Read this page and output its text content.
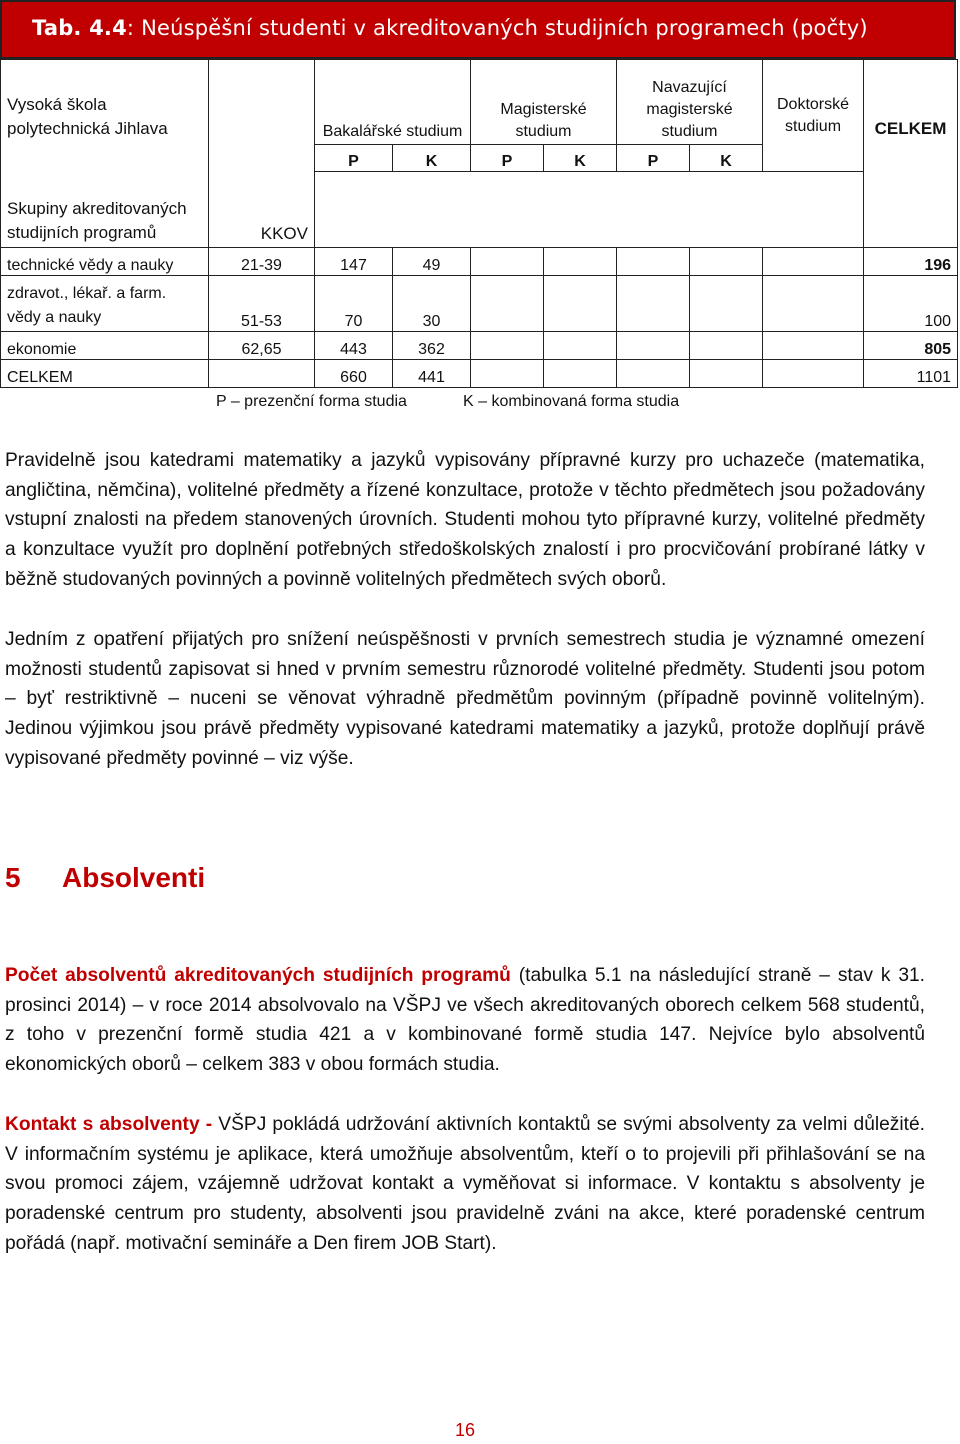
Tab. 4.4: Neúspěšní studenti v akreditovaných studijních programech (počty)
Vysoká škola polytechnická Jihlava		Bakalářské studium		Magisterské studium		Navazující magisterské studium		Doktorské studium	CELKEM
		P	K	P	K	P	K		
Skupiny akreditovaných studijních programů	KKOV								
technické vědy a nauky	21-39	147	49						196
zdravot., lékař. a farm. vědy a nauky	51-53	70	30						100
ekonomie	62,65	443	362						805
CELKEM		660	441						1101
P – prezenční forma studia	K – kombinovaná forma studia
Pravidelně jsou katedrami matematiky a jazyků vypisovány přípravné kurzy pro uchazeče (matematika, angličtina, němčina), volitelné předměty a řízené konzultace, protože v těchto předmětech jsou požadovány vstupní znalosti na předem stanovených úrovních. Studenti mohou tyto přípravné kurzy, volitelné předměty a konzultace využít pro doplnění potřebných středoškolských znalostí i pro procvičování probírané látky v běžně studovaných povinných a povinně volitelných předmětech svých oborů.
Jedním z opatření přijatých pro snížení neúspěšnosti v prvních semestrech studia je významné omezení možnosti studentů zapisovat si hned v prvním semestru různorodé volitelné předměty. Studenti jsou potom – byť restriktivně – nuceni se věnovat výhradně předmětům povinným (případně povinně volitelným). Jedinou výjimkou jsou právě předměty vypisované katedrami matematiky a jazyků, protože doplňují právě vypisované předměty povinné – viz výše.
5 Absolventi
Počet absolventů akreditovaných studijních programů (tabulka 5.1 na následující straně – stav k 31. prosinci 2014) – v roce 2014 absolvovalo na VŠPJ ve všech akreditovaných oborech celkem 568 studentů, z toho v prezenční formě studia 421 a v kombinované formě studia 147. Nejvíce bylo absolventů ekonomických oborů – celkem 383 v obou formách studia.
Kontakt s absolventy - VŠPJ pokládá udržování aktivních kontaktů se svými absolventy za velmi důležité. V informačním systému je aplikace, která umožňuje absolventům, kteří o to projevili při přihlašování se na svou promoci zájem, vzájemně udržovat kontakt a vyměňovat si informace. V kontaktu s absolventy je poradenské centrum pro studenty, absolventi jsou pravidelně zváni na akce, které poradenské centrum pořádá (např. motivační semináře a Den firem JOB Start).
16
